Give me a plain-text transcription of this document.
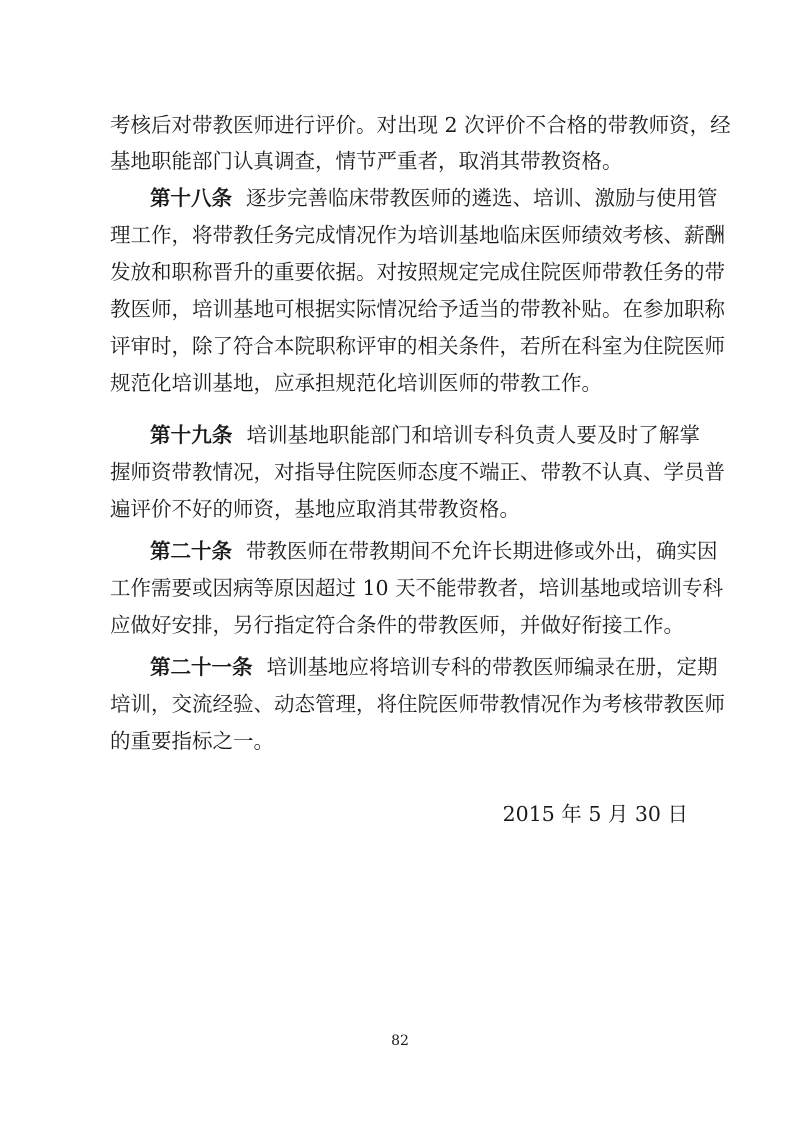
考核后对带教医师进行评价。对出现 2 次评价不合格的带教师资，经
基地职能部门认真调查，情节严重者，取消其带教资格。
第十八条 逐步完善临床带教医师的遴选、培训、激励与使用管
理工作，将带教任务完成情况作为培训基地临床医师绩效考核、薪酬
发放和职称晋升的重要依据。对按照规定完成住院医师带教任务的带
教医师，培训基地可根据实际情况给予适当的带教补贴。在参加职称
评审时，除了符合本院职称评审的相关条件，若所在科室为住院医师
规范化培训基地，应承担规范化培训医师的带教工作。
第十九条 培训基地职能部门和培训专科负责人要及时了解掌
握师资带教情况，对指导住院医师态度不端正、带教不认真、学员普
遍评价不好的师资，基地应取消其带教资格。
第二十条 带教医师在带教期间不允许长期进修或外出，确实因
工作需要或因病等原因超过 10 天不能带教者，培训基地或培训专科
应做好安排，另行指定符合条件的带教医师，并做好衔接工作。
第二十一条 培训基地应将培训专科的带教医师编录在册，定期
培训，交流经验、动态管理，将住院医师带教情况作为考核带教医师
的重要指标之一。
2015 年 5 月 30 日
82
